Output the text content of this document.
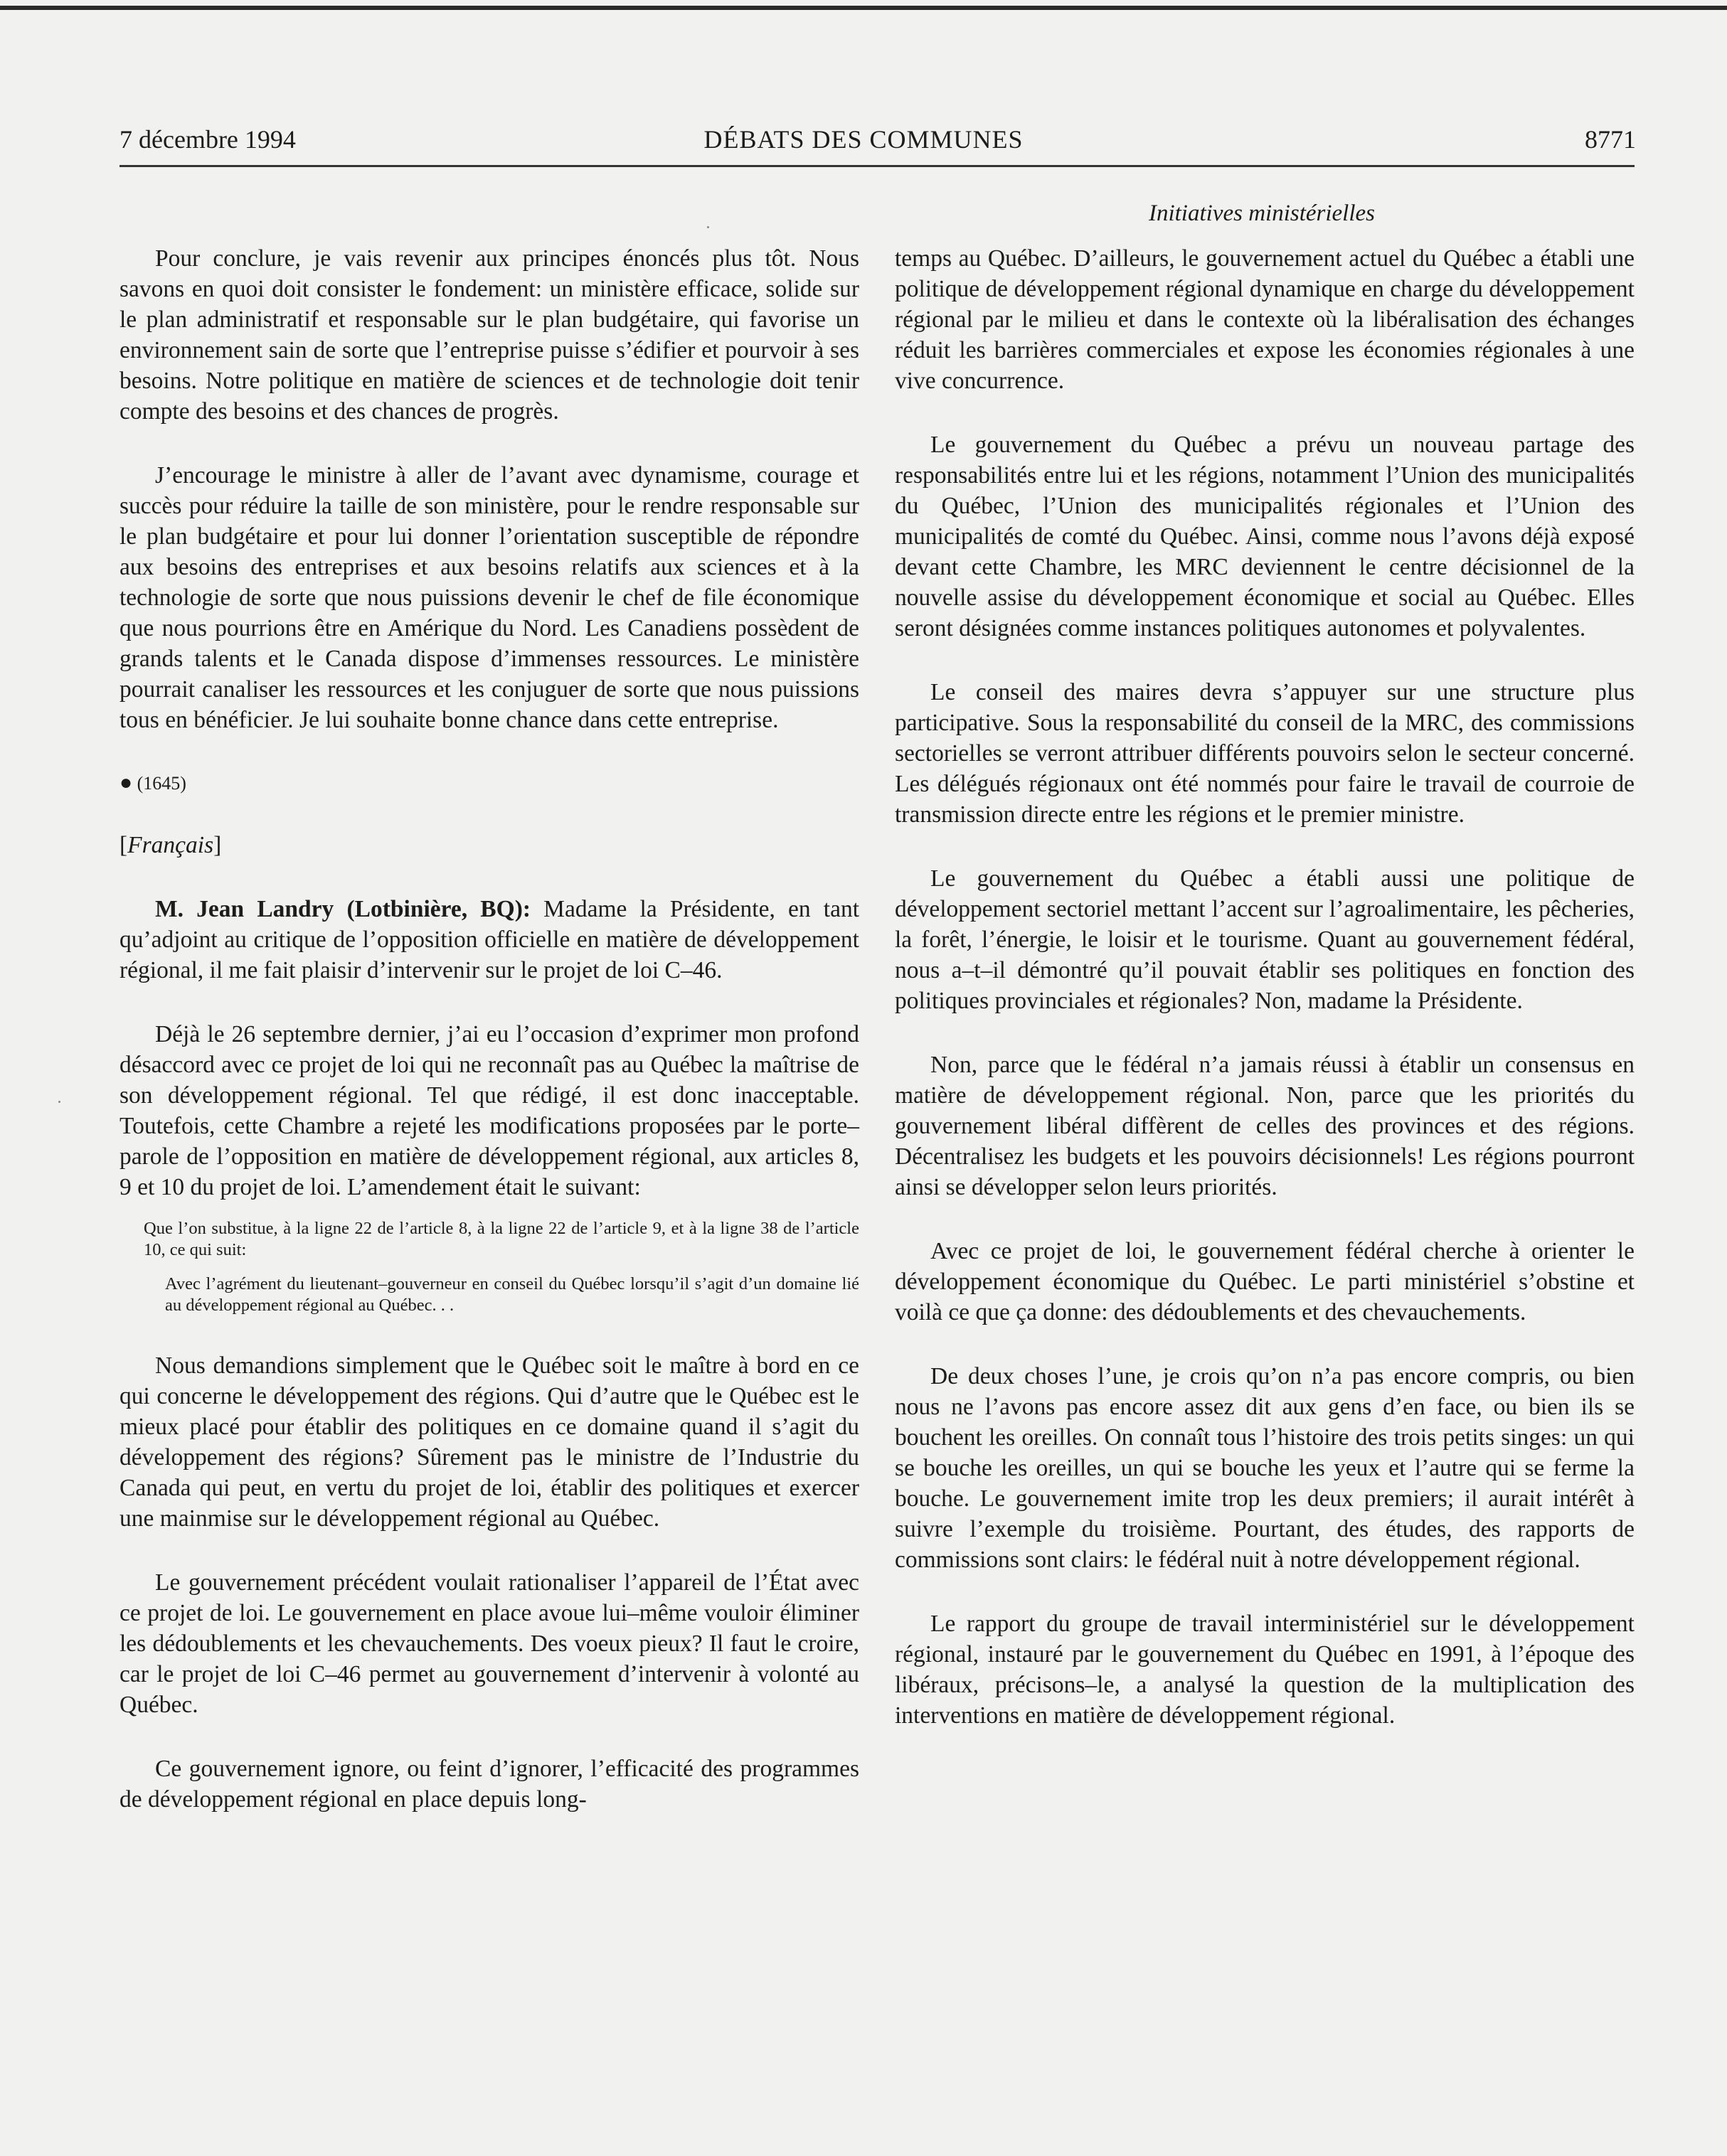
7 décembre 1994	DÉBATS DES COMMUNES	8771
Initiatives ministérielles

Pour conclure, je vais revenir aux principes énoncés plus tôt. Nous savons en quoi doit consister le fondement: un ministère efficace, solide sur le plan administratif et responsable sur le plan budgétaire, qui favorise un environnement sain de sorte que l’entreprise puisse s’édifier et pourvoir à ses besoins. Notre politique en matière de sciences et de technologie doit tenir compte des besoins et des chances de progrès.

J’encourage le ministre à aller de l’avant avec dynamisme, courage et succès pour réduire la taille de son ministère, pour le rendre responsable sur le plan budgétaire et pour lui donner l’orientation susceptible de répondre aux besoins des entreprises et aux besoins relatifs aux sciences et à la technologie de sorte que nous puissions devenir le chef de file économique que nous pourrions être en Amérique du Nord. Les Canadiens possèdent de grands talents et le Canada dispose d’immenses ressources. Le ministère pourrait canaliser les ressources et les conjuguer de sorte que nous puissions tous en bénéficier. Je lui souhaite bonne chance dans cette entreprise.

● (1645)
[Français]

M. Jean Landry (Lotbinière, BQ): Madame la Présidente, en tant qu’adjoint au critique de l’opposition officielle en matière de développement régional, il me fait plaisir d’intervenir sur le projet de loi C–46.

Déjà le 26 septembre dernier, j’ai eu l’occasion d’exprimer mon profond désaccord avec ce projet de loi qui ne reconnaît pas au Québec la maîtrise de son développement régional. Tel que rédigé, il est donc inacceptable. Toutefois, cette Chambre a rejeté les modifications proposées par le porte–parole de l’opposition en matière de développement régional, aux articles 8, 9 et 10 du projet de loi. L’amendement était le suivant:

Que l’on substitue, à la ligne 22 de l’article 8, à la ligne 22 de l’article 9, et à la ligne 38 de l’article 10, ce qui suit:

Avec l’agrément du lieutenant–gouverneur en conseil du Québec lorsqu’il s’agit d’un domaine lié au développement régional au Québec. . .

Nous demandions simplement que le Québec soit le maître à bord en ce qui concerne le développement des régions. Qui d’autre que le Québec est le mieux placé pour établir des politiques en ce domaine quand il s’agit du développement des régions? Sûrement pas le ministre de l’Industrie du Canada qui peut, en vertu du projet de loi, établir des politiques et exercer une mainmise sur le développement régional au Québec.

Le gouvernement précédent voulait rationaliser l’appareil de l’État avec ce projet de loi. Le gouvernement en place avoue lui–même vouloir éliminer les dédoublements et les chevauchements. Des voeux pieux? Il faut le croire, car le projet de loi C–46 permet au gouvernement d’intervenir à volonté au Québec.

Ce gouvernement ignore, ou feint d’ignorer, l’efficacité des programmes de développement régional en place depuis long-

temps au Québec. D’ailleurs, le gouvernement actuel du Québec a établi une politique de développement régional dynamique en charge du développement régional par le milieu et dans le contexte où la libéralisation des échanges réduit les barrières commerciales et expose les économies régionales à une vive concurrence.

Le gouvernement du Québec a prévu un nouveau partage des responsabilités entre lui et les régions, notamment l’Union des municipalités du Québec, l’Union des municipalités régionales et l’Union des municipalités de comté du Québec. Ainsi, comme nous l’avons déjà exposé devant cette Chambre, les MRC deviennent le centre décisionnel de la nouvelle assise du développement économique et social au Québec. Elles seront désignées comme instances politiques autonomes et polyvalentes.

Le conseil des maires devra s’appuyer sur une structure plus participative. Sous la responsabilité du conseil de la MRC, des commissions sectorielles se verront attribuer différents pouvoirs selon le secteur concerné. Les délégués régionaux ont été nommés pour faire le travail de courroie de transmission directe entre les régions et le premier ministre.

Le gouvernement du Québec a établi aussi une politique de développement sectoriel mettant l’accent sur l’agroalimentaire, les pêcheries, la forêt, l’énergie, le loisir et le tourisme. Quant au gouvernement fédéral, nous a–t–il démontré qu’il pouvait établir ses politiques en fonction des politiques provinciales et régionales? Non, madame la Présidente.

Non, parce que le fédéral n’a jamais réussi à établir un consensus en matière de développement régional. Non, parce que les priorités du gouvernement libéral diffèrent de celles des provinces et des régions. Décentralisez les budgets et les pouvoirs décisionnels! Les régions pourront ainsi se développer selon leurs priorités.

Avec ce projet de loi, le gouvernement fédéral cherche à orienter le développement économique du Québec. Le parti ministériel s’obstine et voilà ce que ça donne: des dédoublements et des chevauchements.

De deux choses l’une, je crois qu’on n’a pas encore compris, ou bien nous ne l’avons pas encore assez dit aux gens d’en face, ou bien ils se bouchent les oreilles. On connaît tous l’histoire des trois petits singes: un qui se bouche les oreilles, un qui se bouche les yeux et l’autre qui se ferme la bouche. Le gouvernement imite trop les deux premiers; il aurait intérêt à suivre l’exemple du troisième. Pourtant, des études, des rapports de commissions sont clairs: le fédéral nuit à notre développement régional.

Le rapport du groupe de travail interministériel sur le développement régional, instauré par le gouvernement du Québec en 1991, à l’époque des libéraux, précisons–le, a analysé la question de la multiplication des interventions en matière de développement régional.
